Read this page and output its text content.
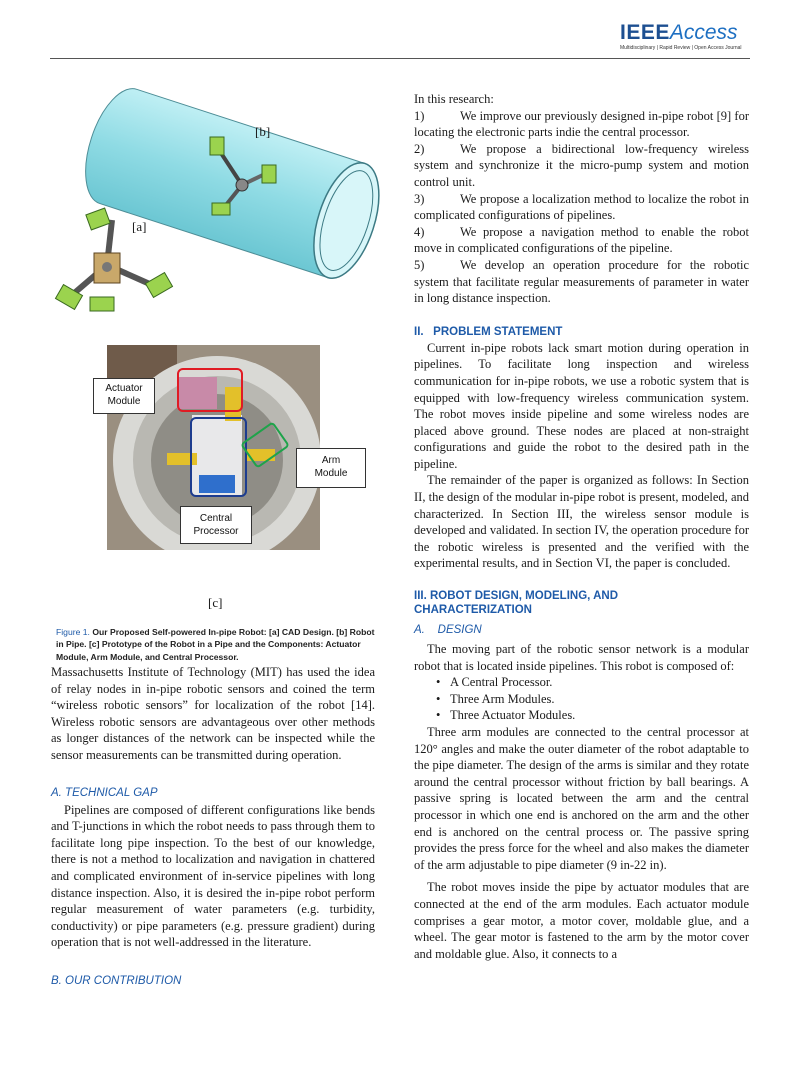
IEEEAccess
Multidisciplinary | Rapid Review | Open Access Journal
[b]
[a]
Actuator
Module
Arm
Module
Central
Processor
[c]
Figure 1. Our Proposed Self-powered In-pipe Robot: [a] CAD Design. [b] Robot in Pipe. [c] Prototype of the Robot in a Pipe and the Components: Actuator Module, Arm Module, and Central Processor.

Massachusetts Institute of Technology (MIT) has used the idea of relay nodes in in-pipe robotic sensors and coined the term “wireless robotic sensors” for localization of the robot [14]. Wireless robotic sensors are advantageous over other methods as longer distances of the network can be inspected while the sensor measurements can be transmitted during operation.

A. TECHNICAL GAP

Pipelines are composed of different configurations like bends and T-junctions in which the robot needs to pass through them to facilitate long pipe inspection. To the best of our knowledge, there is not a method to localization and navigation in chattered and complicated environment of in-service pipelines with long distance inspection. Also, it is desired the in-pipe robot perform regular measurement of water parameters (e.g. turbidity, conductivity) or pipe parameters (e.g. pressure gradient) during operation that is not well-addressed in the literature.

B. OUR CONTRIBUTION

In this research:

1)	We improve our previously designed in-pipe robot [9] for locating the electronic parts indie the central processor.
2)	We propose a bidirectional low-frequency wireless system and synchronize it the micro-pump system and motion control unit.
3)	We propose a localization method to localize the robot in complicated configurations of pipelines.
4)	We propose a navigation method to enable the robot move in complicated configurations of the pipeline.
5)	We develop an operation procedure for the robotic system that facilitate regular measurements of parameter in water in long distance inspection.

II.   PROBLEM STATEMENT

Current in-pipe robots lack smart motion during operation in pipelines. To facilitate long inspection and wireless communication for in-pipe robots, we use a robotic system that is equipped with low-frequency wireless communication system. The robot moves inside pipeline and some wireless nodes are placed above ground. These nodes are placed at non-straight configurations and guide the robot to the desired path in the pipeline.

The remainder of the paper is organized as follows: In Section II, the design of the modular in-pipe robot is present, modeled, and characterized. In Section III, the wireless sensor module is developed and validated. In section IV, the operation procedure for the robotic wireless is presented and the verified with the experimental results, and in Section VI, the paper is concluded.

III. ROBOT DESIGN, MODELING, AND

CHARACTERIZATION

A.    DESIGN

The moving part of the robotic sensor network is a modular robot that is located inside pipelines. This robot is composed of:

• A Central Processor.
• Three Arm Modules.
• Three Actuator Modules.

Three arm modules are connected to the central processor at 120° angles and make the outer diameter of the robot adaptable to the pipe diameter. The design of the arms is similar and they rotate around the central processor without friction by ball bearings. A passive spring is located between the arm and the central processor in which one end is anchored on the arm and the other end is anchored on the central process or. The passive spring provides the press force for the wheel and also makes the diameter of the arm adjustable to pipe diameter (9 in-22 in).

The robot moves inside the pipe by actuator modules that are connected at the end of the arm modules. Each actuator module comprises a gear motor, a motor cover, moldable glue, and a wheel. The gear motor is fastened to the arm by the motor cover and moldable glue. Also, it connects to a
